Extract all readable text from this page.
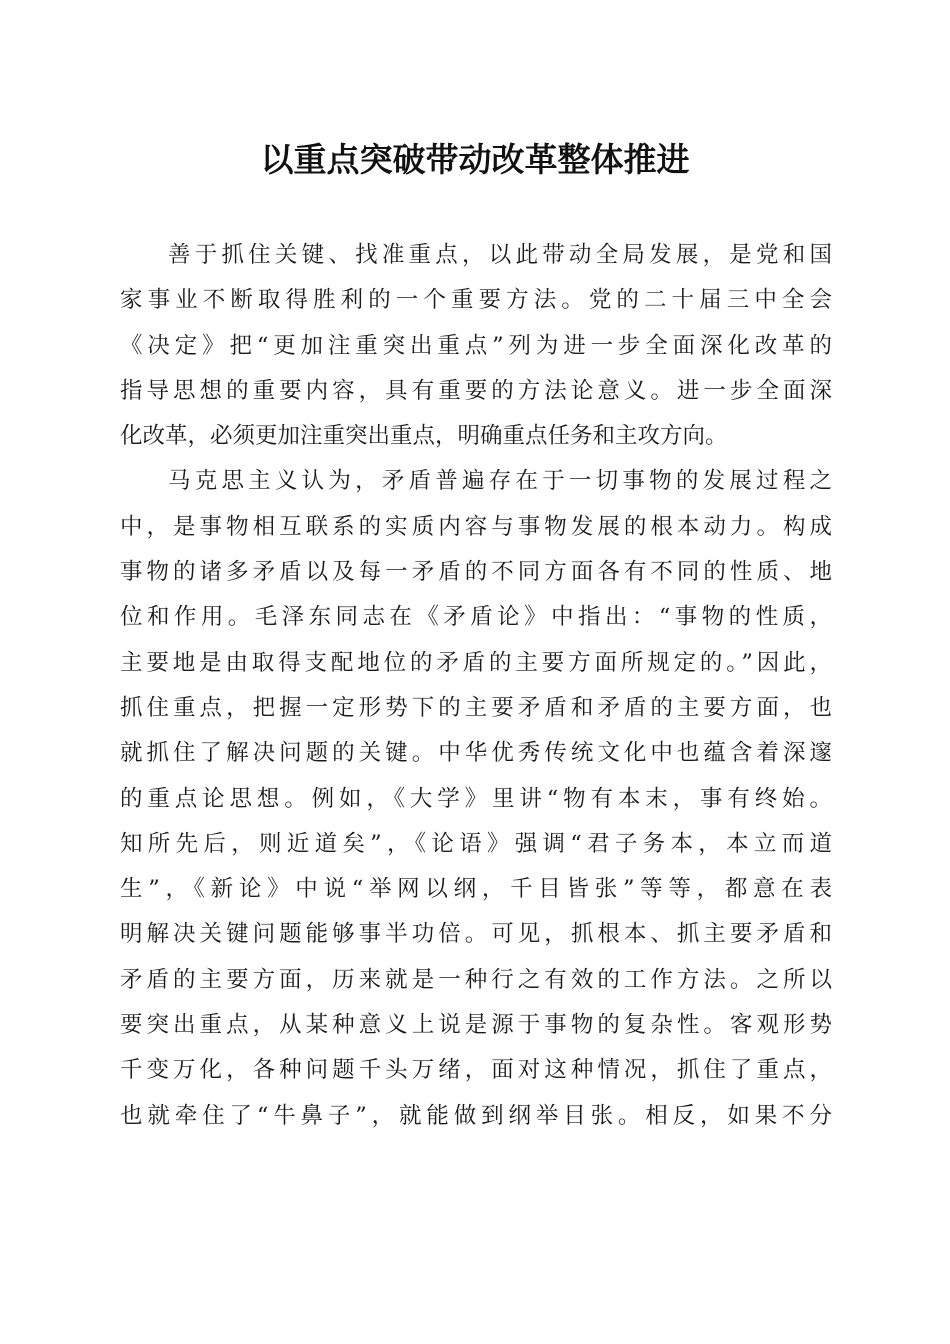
以重点突破带动改革整体推进
善于抓住关键、找准重点，以此带动全局发展，是党和国
家事业不断取得胜利的一个重要方法。党的二十届三中全会
《决定》把“更加注重突出重点”列为进一步全面深化改革的
指导思想的重要内容，具有重要的方法论意义。进一步全面深
化改革，必须更加注重突出重点，明确重点任务和主攻方向。
马克思主义认为，矛盾普遍存在于一切事物的发展过程之
中，是事物相互联系的实质内容与事物发展的根本动力。构成
事物的诸多矛盾以及每一矛盾的不同方面各有不同的性质、地
位和作用。毛泽东同志在《矛盾论》中指出：“事物的性质，
主要地是由取得支配地位的矛盾的主要方面所规定的。”因此，
抓住重点，把握一定形势下的主要矛盾和矛盾的主要方面，也
就抓住了解决问题的关键。中华优秀传统文化中也蕴含着深邃
的重点论思想。例如，《大学》里讲“物有本末，事有终始。
知所先后，则近道矣”，《论语》强调“君子务本，本立而道
生”，《新论》中说“举网以纲，千目皆张”等等，都意在表
明解决关键问题能够事半功倍。可见，抓根本、抓主要矛盾和
矛盾的主要方面，历来就是一种行之有效的工作方法。之所以
要突出重点，从某种意义上说是源于事物的复杂性。客观形势
千变万化，各种问题千头万绪，面对这种情况，抓住了重点，
也就牵住了“牛鼻子”，就能做到纲举目张。相反，如果不分
